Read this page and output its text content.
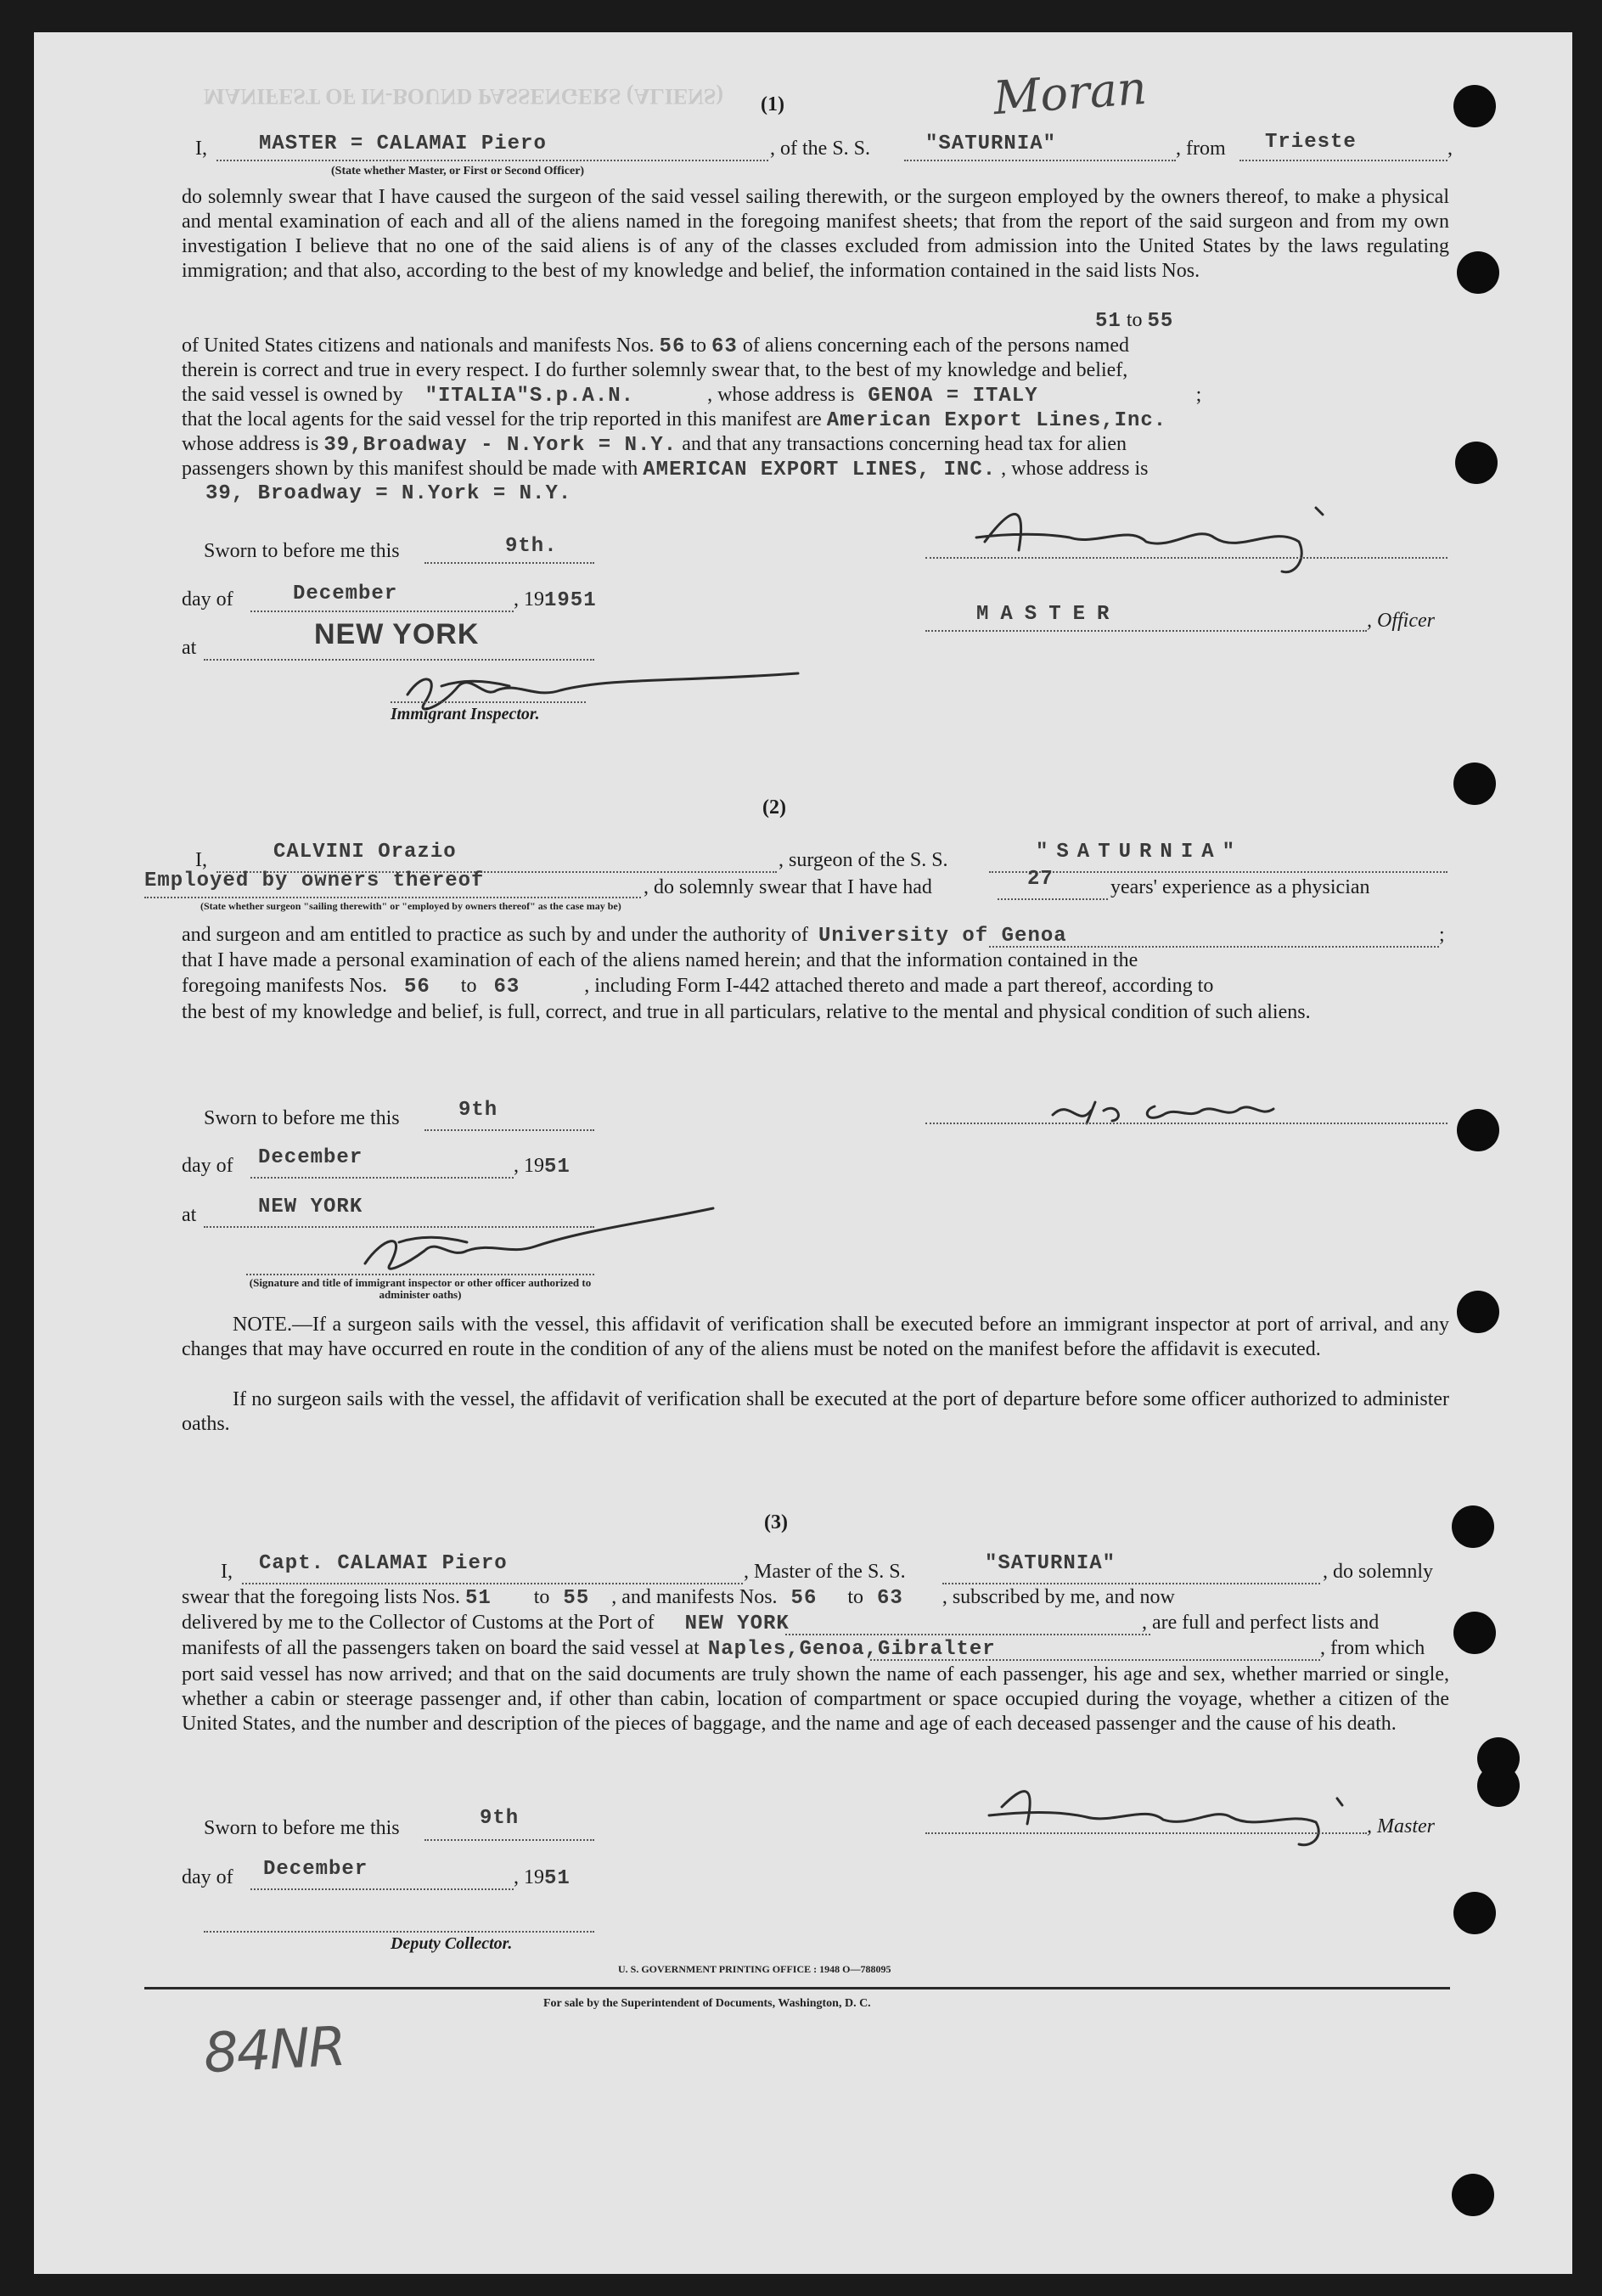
MANIFEST OF IN-BOUND PASSENGERS (ALIENS)	Moran
(1)
I,	MASTER = CALAMAI Piero	, of the S. S.	"SATURNIA"	, from Trieste	,
(State whether Master, or First or Second Officer)
do solemnly swear that I have caused the surgeon of the said vessel sailing therewith, or the surgeon employed by the owners thereof, to make a physical and mental examination of each and all of the aliens named in the foregoing manifest sheets; that from the report of the said surgeon and from my own investigation I believe that no one of the said aliens is of any of the classes excluded from admission into the United States by the laws regulating immigration; and that also, according to the best of my knowledge and belief, the information contained in the said lists Nos.
51 to 55
of United States citizens and nationals and manifests Nos. 56 to 63 of aliens concerning each of the persons named
therein is correct and true in every respect. I do further solemnly swear that, to the best of my knowledge and belief,
the said vessel is owned by "ITALIA"S.p.A.N.	, whose address is GENOA = ITALY	;
that the local agents for the said vessel for the trip reported in this manifest are American Export Lines,Inc.
whose address is 39,Broadway - N.York = N.Y. and that any transactions concerning head tax for alien
passengers shown by this manifest should be made with AMERICAN EXPORT LINES, INC. , whose address is
39, Broadway = N.York = N.Y.
Sworn to before me this	9th.
day of	December	, 191951
at	NEW YORK
Immigrant Inspector.
MASTER	, Officer
(2)
I,	CALVINI Orazio	, surgeon of the S. S.	"SATURNIA"
Employed by owners thereof	, do solemnly swear that I have had	27	years' experience as a physician
(State whether surgeon "sailing therewith" or "employed by owners thereof" as the case may be)
and surgeon and am entitled to practice as such by and under the authority of University of Genoa	;
that I have made a personal examination of each of the aliens named herein; and that the information contained in the
foregoing manifests Nos. 56 to 63	, including Form I-442 attached thereto and made a part thereof, according to
the best of my knowledge and belief, is full, correct, and true in all particulars, relative to the mental and physical condition of such aliens.
Sworn to before me this	9th
day of December	, 1951
at	NEW YORK
(Signature and title of immigrant inspector or other officer authorized to administer oaths)
NOTE.—If a surgeon sails with the vessel, this affidavit of verification shall be executed before an immigrant inspector at port of arrival, and any changes that may have occurred en route in the condition of any of the aliens must be noted on the manifest before the affidavit is executed.
If no surgeon sails with the vessel, the affidavit of verification shall be executed at the port of departure before some officer authorized to administer oaths.
(3)
I, Capt. CALAMAI Piero	, Master of the S. S.	"SATURNIA"	, do solemnly
swear that the foregoing lists Nos. 51 to 55 , and manifests Nos. 56 to 63 , subscribed by me, and now
delivered by me to the Collector of Customs at the Port of NEW YORK	, are full and perfect lists and
manifests of all the passengers taken on board the said vessel at Naples,Genoa,Gibralter	, from which
port said vessel has now arrived; and that on the said documents are truly shown the name of each passenger, his age and sex, whether married or single, whether a cabin or steerage passenger and, if other than cabin, location of compartment or space occupied during the voyage, whether a citizen of the United States, and the number and description of the pieces of baggage, and the name and age of each deceased passenger and the cause of his death.
Sworn to before me this	9th
day of December	, 1951
Deputy Collector.
, Master
U. S. GOVERNMENT PRINTING OFFICE : 1948 O—788095
For sale by the Superintendent of Documents, Washington, D. C.
84NR
